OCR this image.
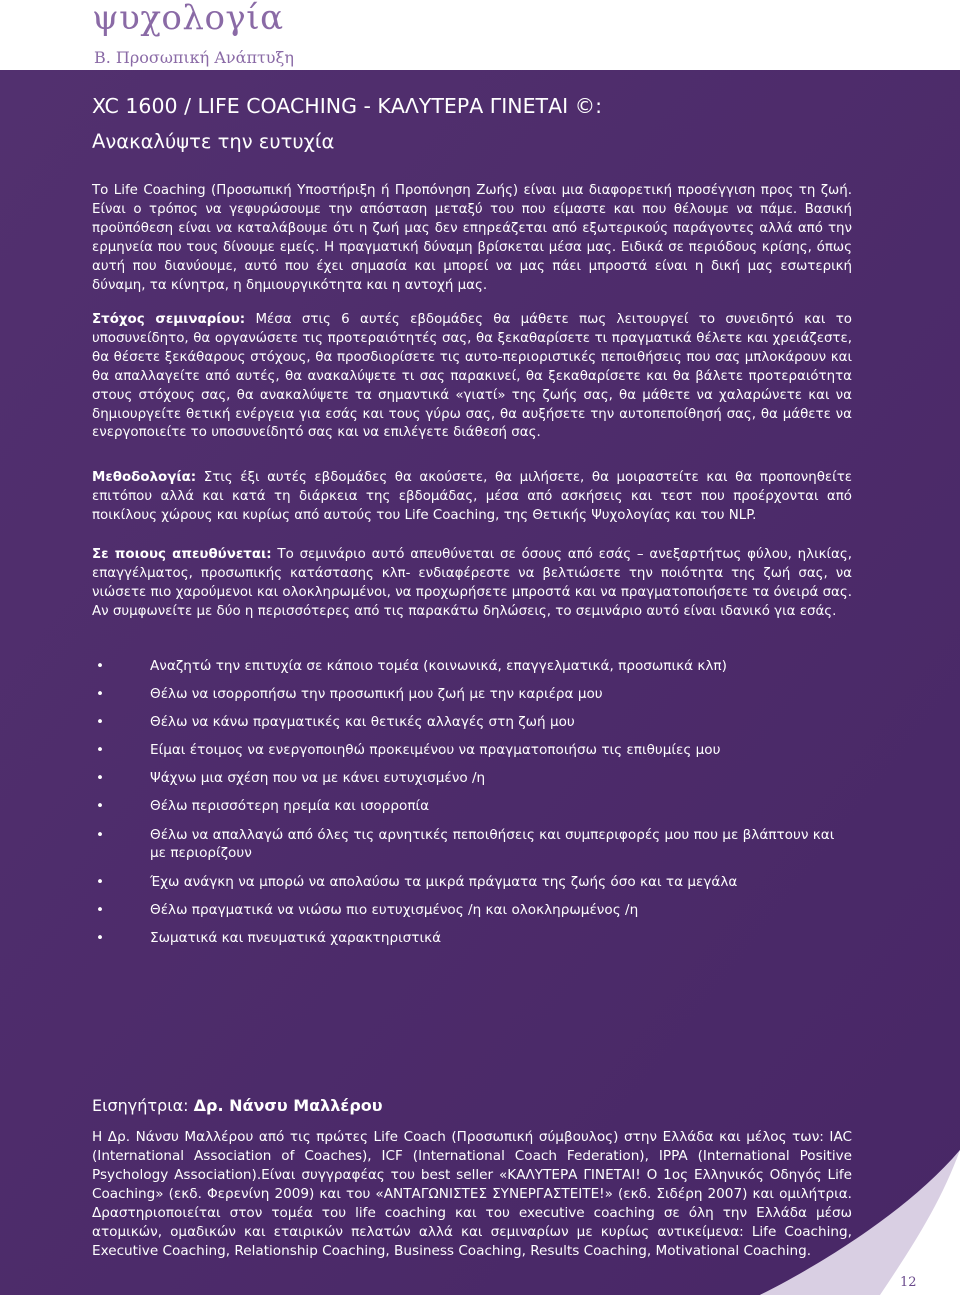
ψυχολογία
Β. Προσωπική Ανάπτυξη
XC 1600 / LIFE COACHING - ΚΑΛΥΤΕΡΑ ΓΙΝΕΤΑΙ ©:
Ανακαλύψτε την ευτυχία
Το Life Coaching (Προσωπική Υποστήριξη ή Προπόνηση Ζωής) είναι μια διαφορετική προσέγγιση προς τη ζωή. Είναι ο τρόπος να γεφυρώσουμε την απόσταση μεταξύ του που είμαστε και που θέλουμε να πάμε. Βασική προϋπόθεση είναι να καταλάβουμε ότι η ζωή μας δεν επηρεάζεται από εξωτερικούς παράγοντες αλλά από την ερμηνεία που τους δίνουμε εμείς. Η πραγματική δύναμη βρίσκεται μέσα μας. Ειδικά σε περιόδους κρίσης, όπως αυτή που διανύουμε, αυτό που έχει σημασία και μπορεί να μας πάει μπροστά είναι η δική μας εσωτερική δύναμη, τα κίνητρα, η δημιουργικότητα και η αντοχή μας.
Στόχος σεμιναρίου: Μέσα στις 6 αυτές εβδομάδες θα μάθετε πως λειτουργεί το συνειδητό και το υποσυνείδητο, θα οργανώσετε τις προτεραιότητές σας, θα ξεκαθαρίσετε τι πραγματικά θέλετε και χρειάζεστε, θα θέσετε ξεκάθαρους στόχους, θα προσδιορίσετε τις αυτο-περιοριστικές πεποιθήσεις που σας μπλοκάρουν και θα απαλλαγείτε από αυτές, θα ανακαλύψετε τι σας παρακινεί, θα ξεκαθαρίσετε και θα βάλετε προτεραιότητα στους στόχους σας, θα ανακαλύψετε τα σημαντικά «γιατί» της ζωής σας, θα μάθετε να χαλαρώνετε και να δημιουργείτε θετική ενέργεια για εσάς και τους γύρω σας, θα αυξήσετε την αυτοπεποίθησή σας, θα μάθετε να ενεργοποιείτε το υποσυνείδητό σας και να επιλέγετε διάθεσή σας.
Μεθοδολογία: Στις έξι αυτές εβδομάδες θα ακούσετε, θα μιλήσετε, θα μοιραστείτε και θα προπονηθείτε επιτόπου αλλά και κατά τη διάρκεια της εβδομάδας, μέσα από ασκήσεις και τεστ που προέρχονται από ποικίλους χώρους και κυρίως από αυτούς του Life Coaching, της Θετικής Ψυχολογίας και του NLP.
Σε ποιους απευθύνεται: Το σεμινάριο αυτό απευθύνεται σε όσους από εσάς – ανεξαρτήτως φύλου, ηλικίας, επαγγέλματος, προσωπικής κατάστασης κλπ- ενδιαφέρεστε να βελτιώσετε την ποιότητα της ζωή σας, να νιώσετε πιο χαρούμενοι και ολοκληρωμένοι, να προχωρήσετε μπροστά και να πραγματοποιήσετε τα όνειρά σας. Αν συμφωνείτε με δύο η περισσότερες από τις παρακάτω δηλώσεις, το σεμινάριο αυτό είναι ιδανικό για εσάς.
•	Αναζητώ την επιτυχία σε κάποιο τομέα (κοινωνικά, επαγγελματικά, προσωπικά κλπ)
•	Θέλω να ισορροπήσω την προσωπική μου ζωή με την καριέρα μου
•	Θέλω να κάνω πραγματικές και θετικές αλλαγές στη ζωή μου
•	Είμαι έτοιμος να ενεργοποιηθώ προκειμένου να πραγματοποιήσω τις επιθυμίες μου
•	Ψάχνω μια σχέση που να με κάνει ευτυχισμένο /η
•	Θέλω περισσότερη ηρεμία και ισορροπία
•	Θέλω να απαλλαγώ από όλες τις αρνητικές πεποιθήσεις και συμπεριφορές μου που με βλάπτουν και με περιορίζουν
•	Έχω ανάγκη να μπορώ να απολαύσω τα μικρά πράγματα της ζωής όσο και τα μεγάλα
•	Θέλω πραγματικά να νιώσω πιο ευτυχισμένος /η και ολοκληρωμένος /η
•	Σωματικά και πνευματικά χαρακτηριστικά
Εισηγήτρια: Δρ. Νάνσυ Μαλλέρου
Η Δρ. Νάνσυ Μαλλέρου από τις πρώτες Life Coach (Προσωπική σύμβουλος) στην Ελλάδα και μέλος των: IAC (International Association of Coaches), ICF (International Coach Federation), IPPA (International Positive Psychology Association).Είναι συγγραφέας του best seller «ΚΑΛΥΤΕΡΑ ΓΙΝΕΤΑΙ! Ο 1ος Ελληνικός Οδηγός Life Coaching» (εκδ. Φερενίνη 2009) και του «ΑΝΤΑΓΩΝΙΣΤΕΣ ΣΥΝΕΡΓΑΣΤΕΙΤΕ!» (εκδ. Σιδέρη 2007) και ομιλήτρια. Δραστηριοποιείται στον τομέα του life coaching και του executive coaching σε όλη την Ελλάδα μέσω ατομικών, ομαδικών και εταιρικών πελατών αλλά και σεμιναρίων με κυρίως αντικείμενα: Life Coaching, Executive Coaching, Relationship Coaching, Business Coaching, Results Coaching, Motivational Coaching.
12
